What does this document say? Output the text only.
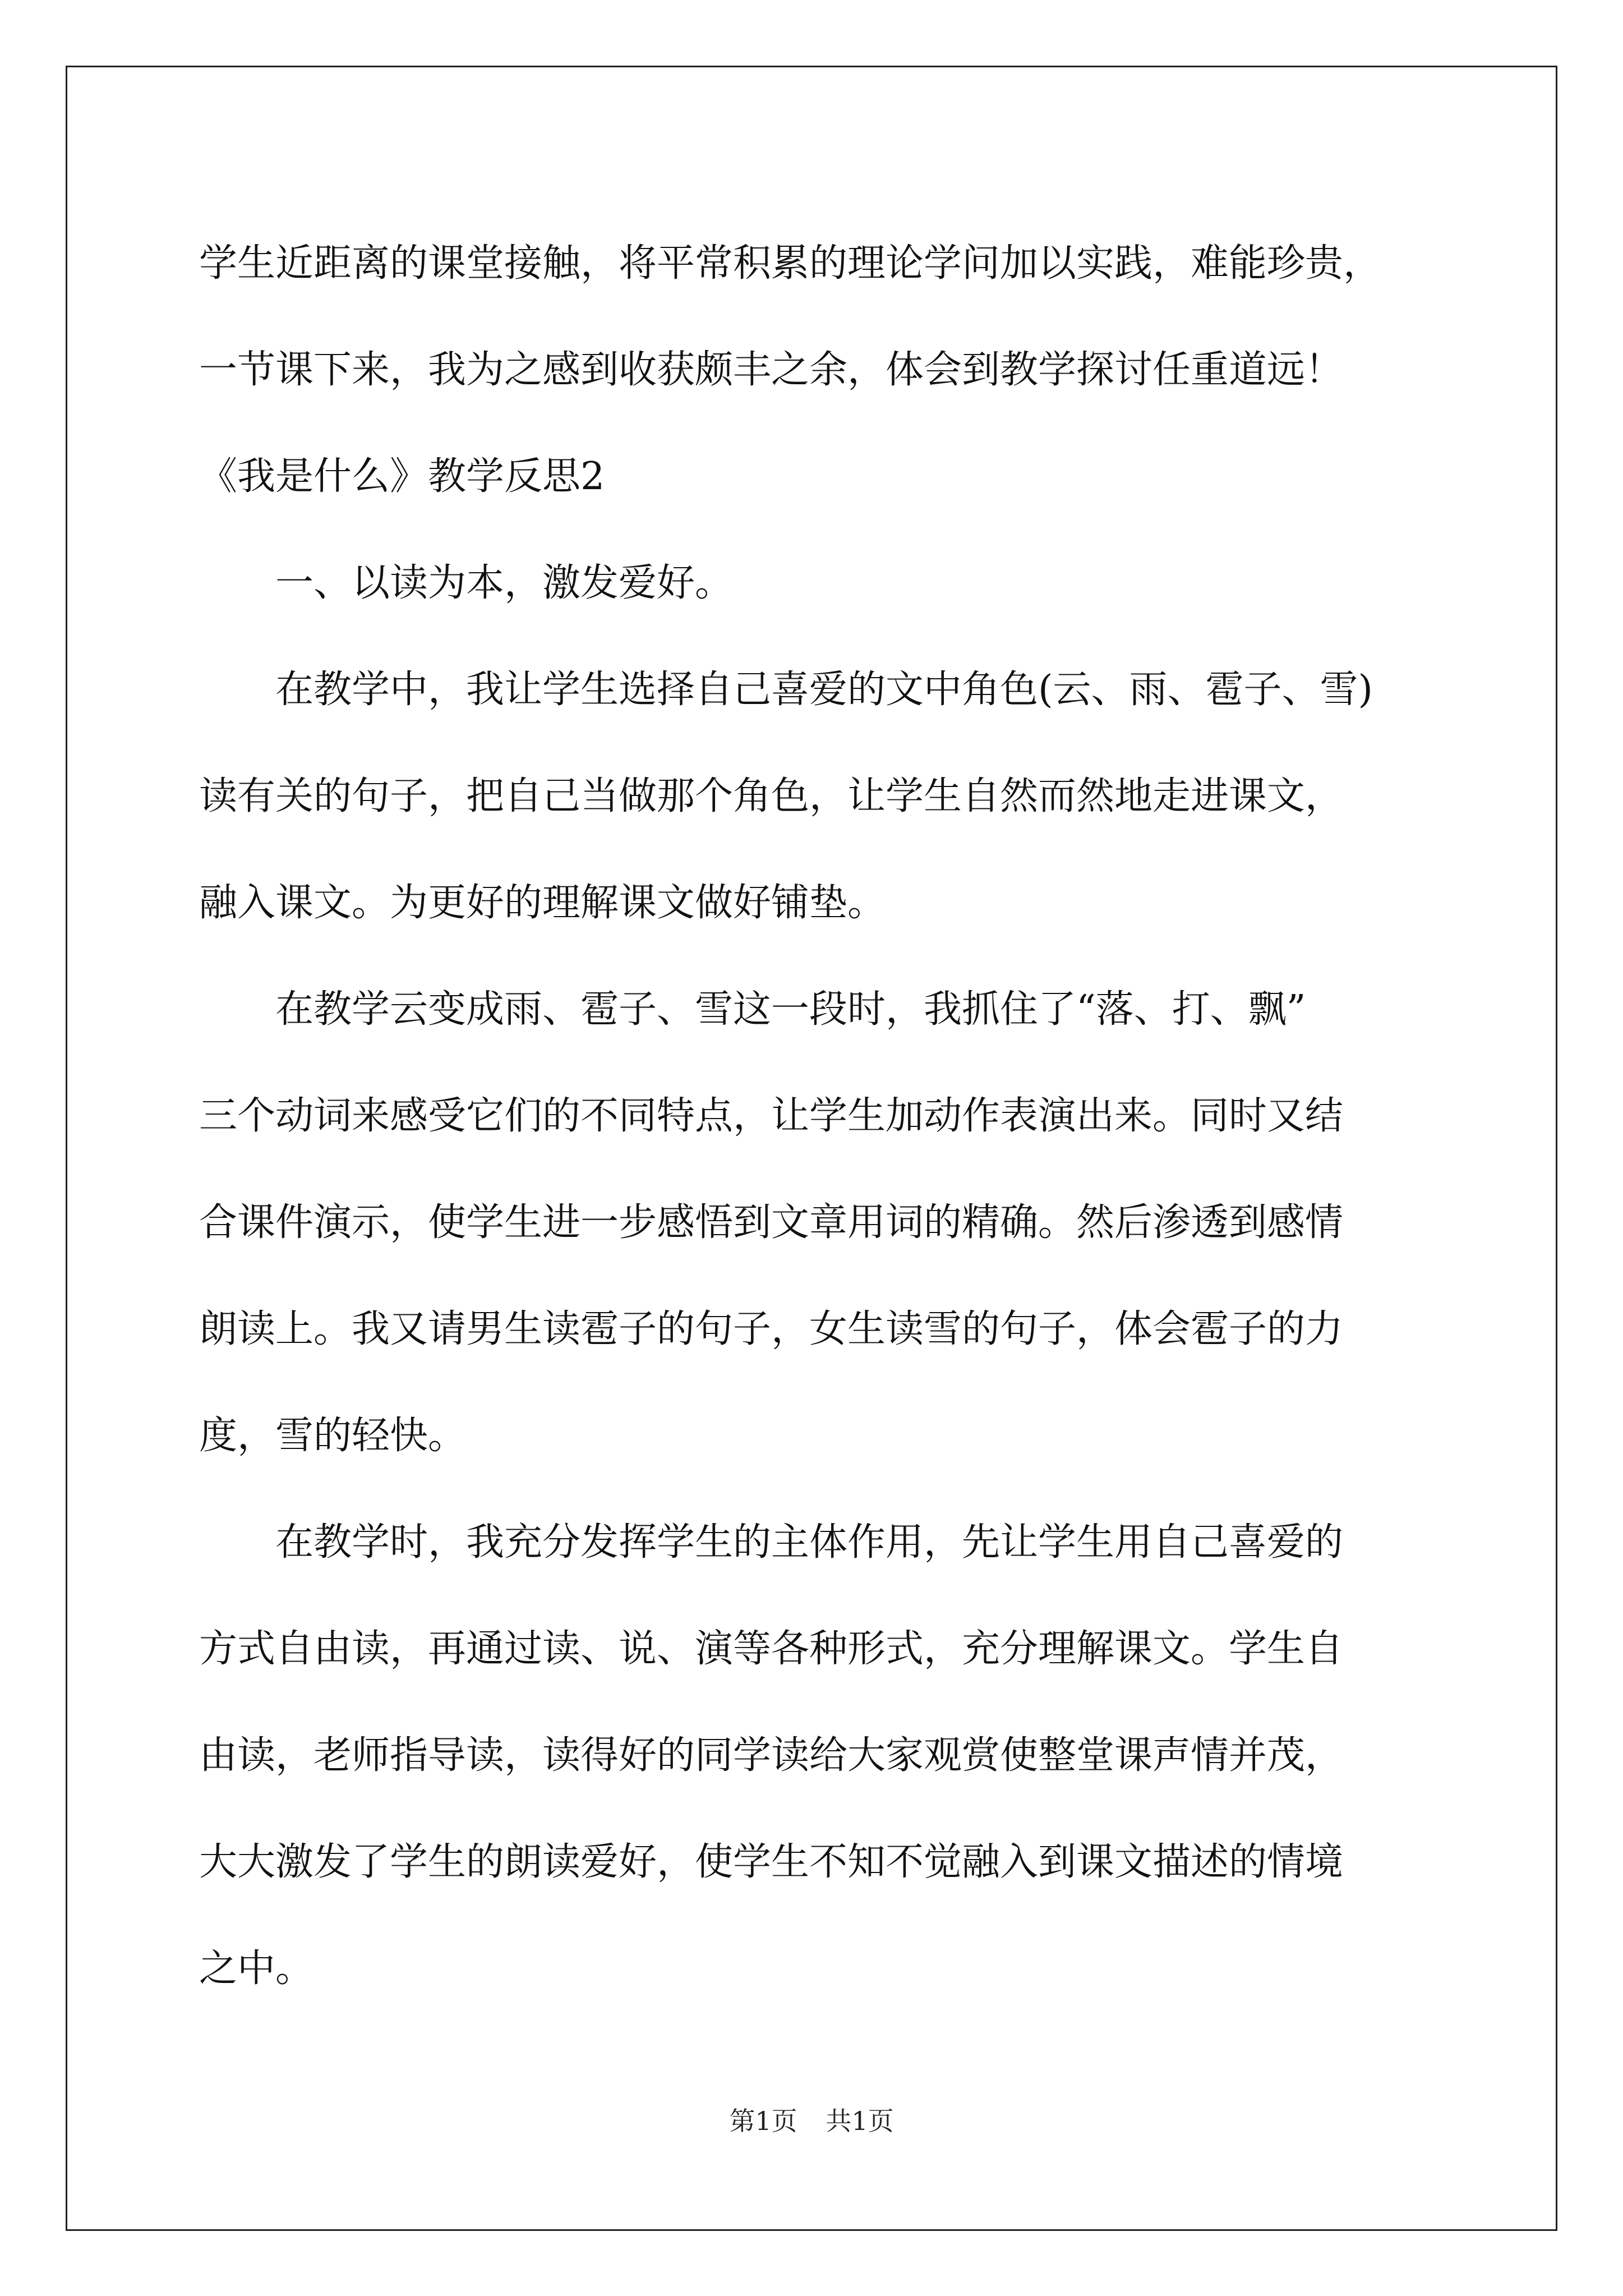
学生近距离的课堂接触，将平常积累的理论学问加以实践，难能珍贵，
一节课下来，我为之感到收获颇丰之余，体会到教学探讨任重道远！
《我是什么》教学反思2
一、以读为本，激发爱好。
在教学中，我让学生选择自己喜爱的文中角色(云、雨、雹子、雪)
读有关的句子，把自己当做那个角色，让学生自然而然地走进课文，
融入课文。为更好的理解课文做好铺垫。
在教学云变成雨、雹子、雪这一段时，我抓住了“落、打、飘”
三个动词来感受它们的不同特点，让学生加动作表演出来。同时又结
合课件演示，使学生进一步感悟到文章用词的精确。然后渗透到感情
朗读上。我又请男生读雹子的句子，女生读雪的句子，体会雹子的力
度，雪的轻快。
在教学时，我充分发挥学生的主体作用，先让学生用自己喜爱的
方式自由读，再通过读、说、演等各种形式，充分理解课文。学生自
由读，老师指导读，读得好的同学读给大家观赏使整堂课声情并茂，
大大激发了学生的朗读爱好，使学生不知不觉融入到课文描述的情境
之中。
第1页 共1页
